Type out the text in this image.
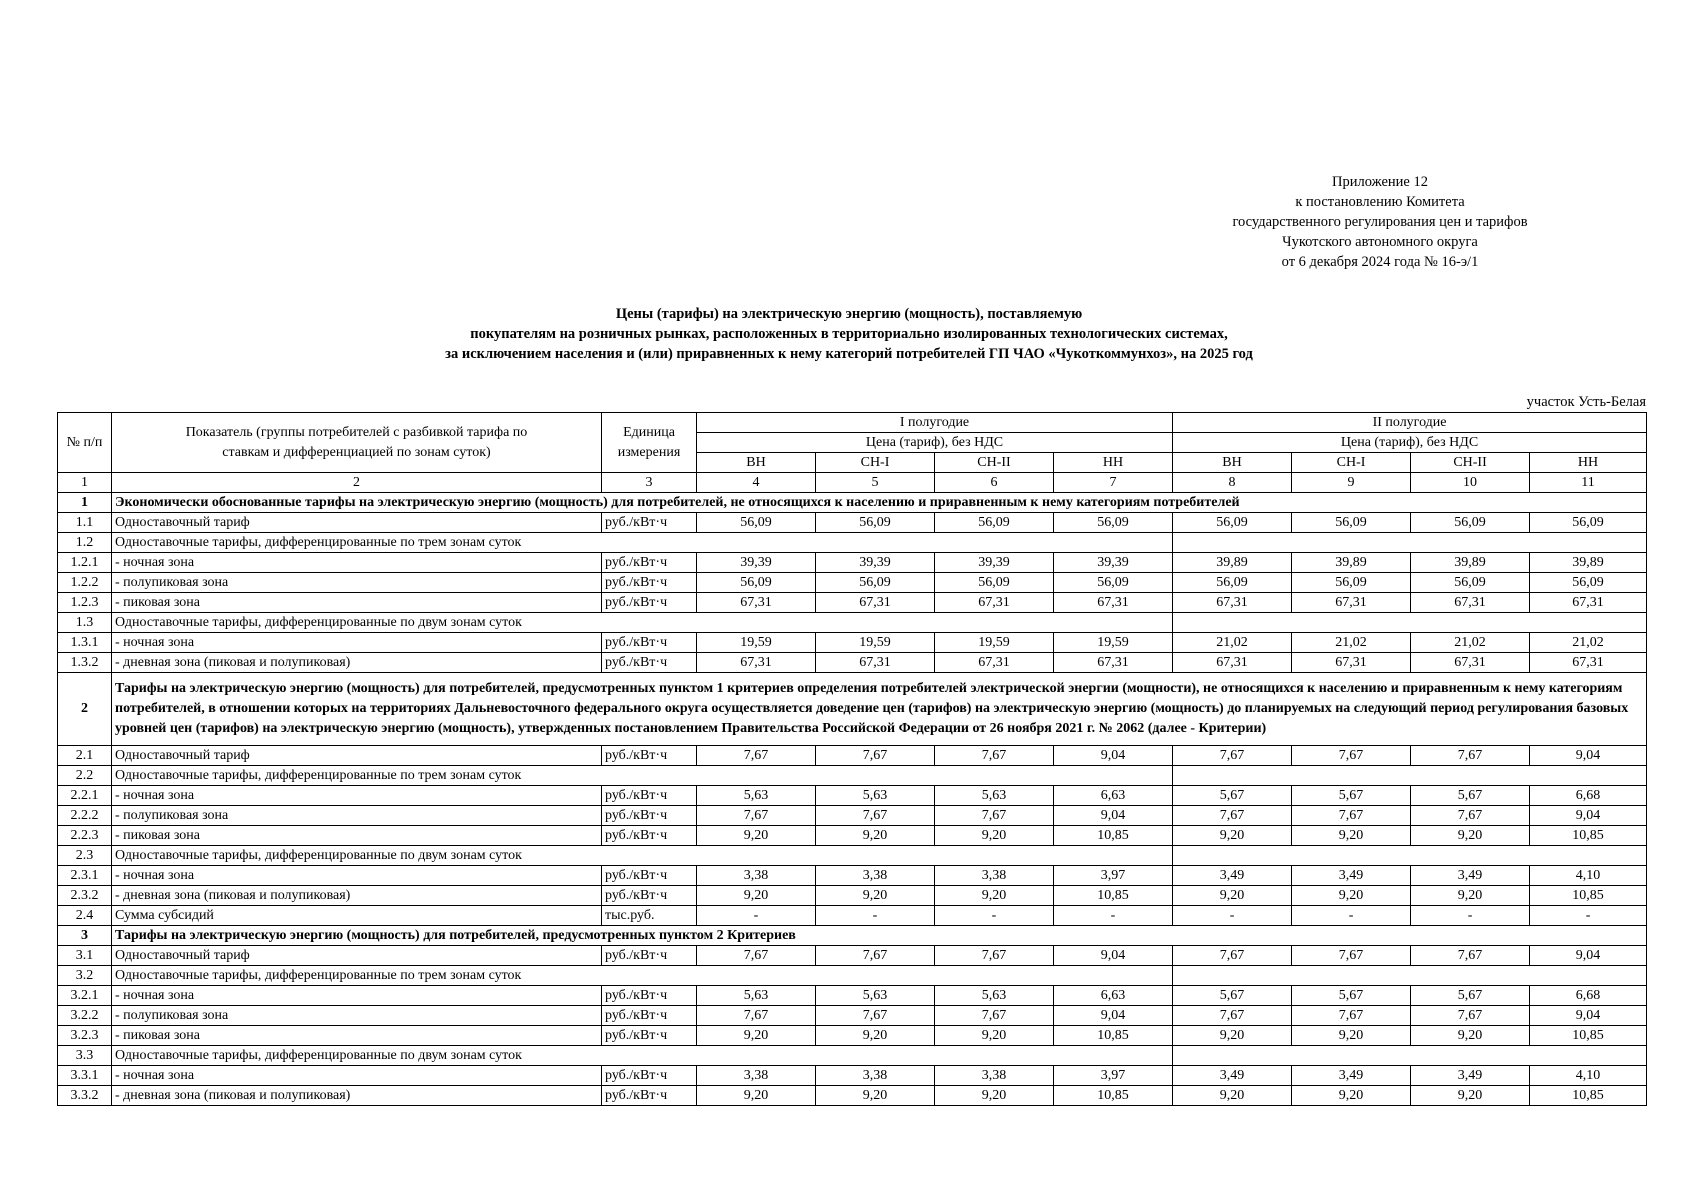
Приложение 12
к постановлению Комитета
государственного регулирования цен и тарифов
Чукотского автономного округа
от 6 декабря 2024 года № 16-э/1
Цены (тарифы) на электрическую энергию (мощность), поставляемую
покупателям на розничных рынках, расположенных в территориально изолированных технологических системах,
за исключением населения и (или) приравненных к нему категорий потребителей ГП ЧАО «Чукоткоммунхоз», на 2025 год
участок Усть-Белая
№ п/п	Показатель (группы потребителей с разбивкой тарифа по ставкам и дифференциацией по зонам суток)	Единица измерения	I полугодие				II полугодие			
			Цена (тариф), без НДС				Цена (тариф), без НДС			
			ВН	СН-I	СН-II	НН	ВН	СН-I	СН-II	НН
1	2	3	4	5	6	7	8	9	10	11
1	Экономически обоснованные тарифы на электрическую энергию (мощность) для потребителей, не относящихся к населению и приравненным к нему категориям потребителей									
1.1	Одноставочный тариф	руб./кВт·ч	56,09	56,09	56,09	56,09	56,09	56,09	56,09	56,09
1.2	Одноставочные тарифы, дифференцированные по трем зонам суток									
1.2.1	- ночная зона	руб./кВт·ч	39,39	39,39	39,39	39,39	39,89	39,89	39,89	39,89
1.2.2	- полупиковая зона	руб./кВт·ч	56,09	56,09	56,09	56,09	56,09	56,09	56,09	56,09
1.2.3	- пиковая зона	руб./кВт·ч	67,31	67,31	67,31	67,31	67,31	67,31	67,31	67,31
1.3	Одноставочные тарифы, дифференцированные по двум зонам суток									
1.3.1	- ночная зона	руб./кВт·ч	19,59	19,59	19,59	19,59	21,02	21,02	21,02	21,02
1.3.2	- дневная зона (пиковая и полупиковая)	руб./кВт·ч	67,31	67,31	67,31	67,31	67,31	67,31	67,31	67,31
2	Тарифы на электрическую энергию (мощность) для потребителей, предусмотренных пунктом 1 критериев определения потребителей электрической энергии (мощности), не относящихся к населению и приравненным к нему категориям потребителей, в отношении которых на территориях Дальневосточного федерального округа осуществляется доведение цен (тарифов) на электрическую энергию (мощность) до планируемых на следующий период регулирования базовых уровней цен (тарифов) на электрическую энергию (мощность), утвержденных постановлением Правительства Российской Федерации от 26 ноября 2021 г. № 2062 (далее - Критерии)									
2.1	Одноставочный тариф	руб./кВт·ч	7,67	7,67	7,67	9,04	7,67	7,67	7,67	9,04
2.2	Одноставочные тарифы, дифференцированные по трем зонам суток									
2.2.1	- ночная зона	руб./кВт·ч	5,63	5,63	5,63	6,63	5,67	5,67	5,67	6,68
2.2.2	- полупиковая зона	руб./кВт·ч	7,67	7,67	7,67	9,04	7,67	7,67	7,67	9,04
2.2.3	- пиковая зона	руб./кВт·ч	9,20	9,20	9,20	10,85	9,20	9,20	9,20	10,85
2.3	Одноставочные тарифы, дифференцированные по двум зонам суток									
2.3.1	- ночная зона	руб./кВт·ч	3,38	3,38	3,38	3,97	3,49	3,49	3,49	4,10
2.3.2	- дневная зона (пиковая и полупиковая)	руб./кВт·ч	9,20	9,20	9,20	10,85	9,20	9,20	9,20	10,85
2.4	Сумма субсидий	тыс.руб.	-	-	-	-	-	-	-	-
3	Тарифы на электрическую энергию (мощность) для потребителей, предусмотренных пунктом 2 Критериев									
3.1	Одноставочный тариф	руб./кВт·ч	7,67	7,67	7,67	9,04	7,67	7,67	7,67	9,04
3.2	Одноставочные тарифы, дифференцированные по трем зонам суток									
3.2.1	- ночная зона	руб./кВт·ч	5,63	5,63	5,63	6,63	5,67	5,67	5,67	6,68
3.2.2	- полупиковая зона	руб./кВт·ч	7,67	7,67	7,67	9,04	7,67	7,67	7,67	9,04
3.2.3	- пиковая зона	руб./кВт·ч	9,20	9,20	9,20	10,85	9,20	9,20	9,20	10,85
3.3	Одноставочные тарифы, дифференцированные по двум зонам суток									
3.3.1	- ночная зона	руб./кВт·ч	3,38	3,38	3,38	3,97	3,49	3,49	3,49	4,10
3.3.2	- дневная зона (пиковая и полупиковая)	руб./кВт·ч	9,20	9,20	9,20	10,85	9,20	9,20	9,20	10,85
